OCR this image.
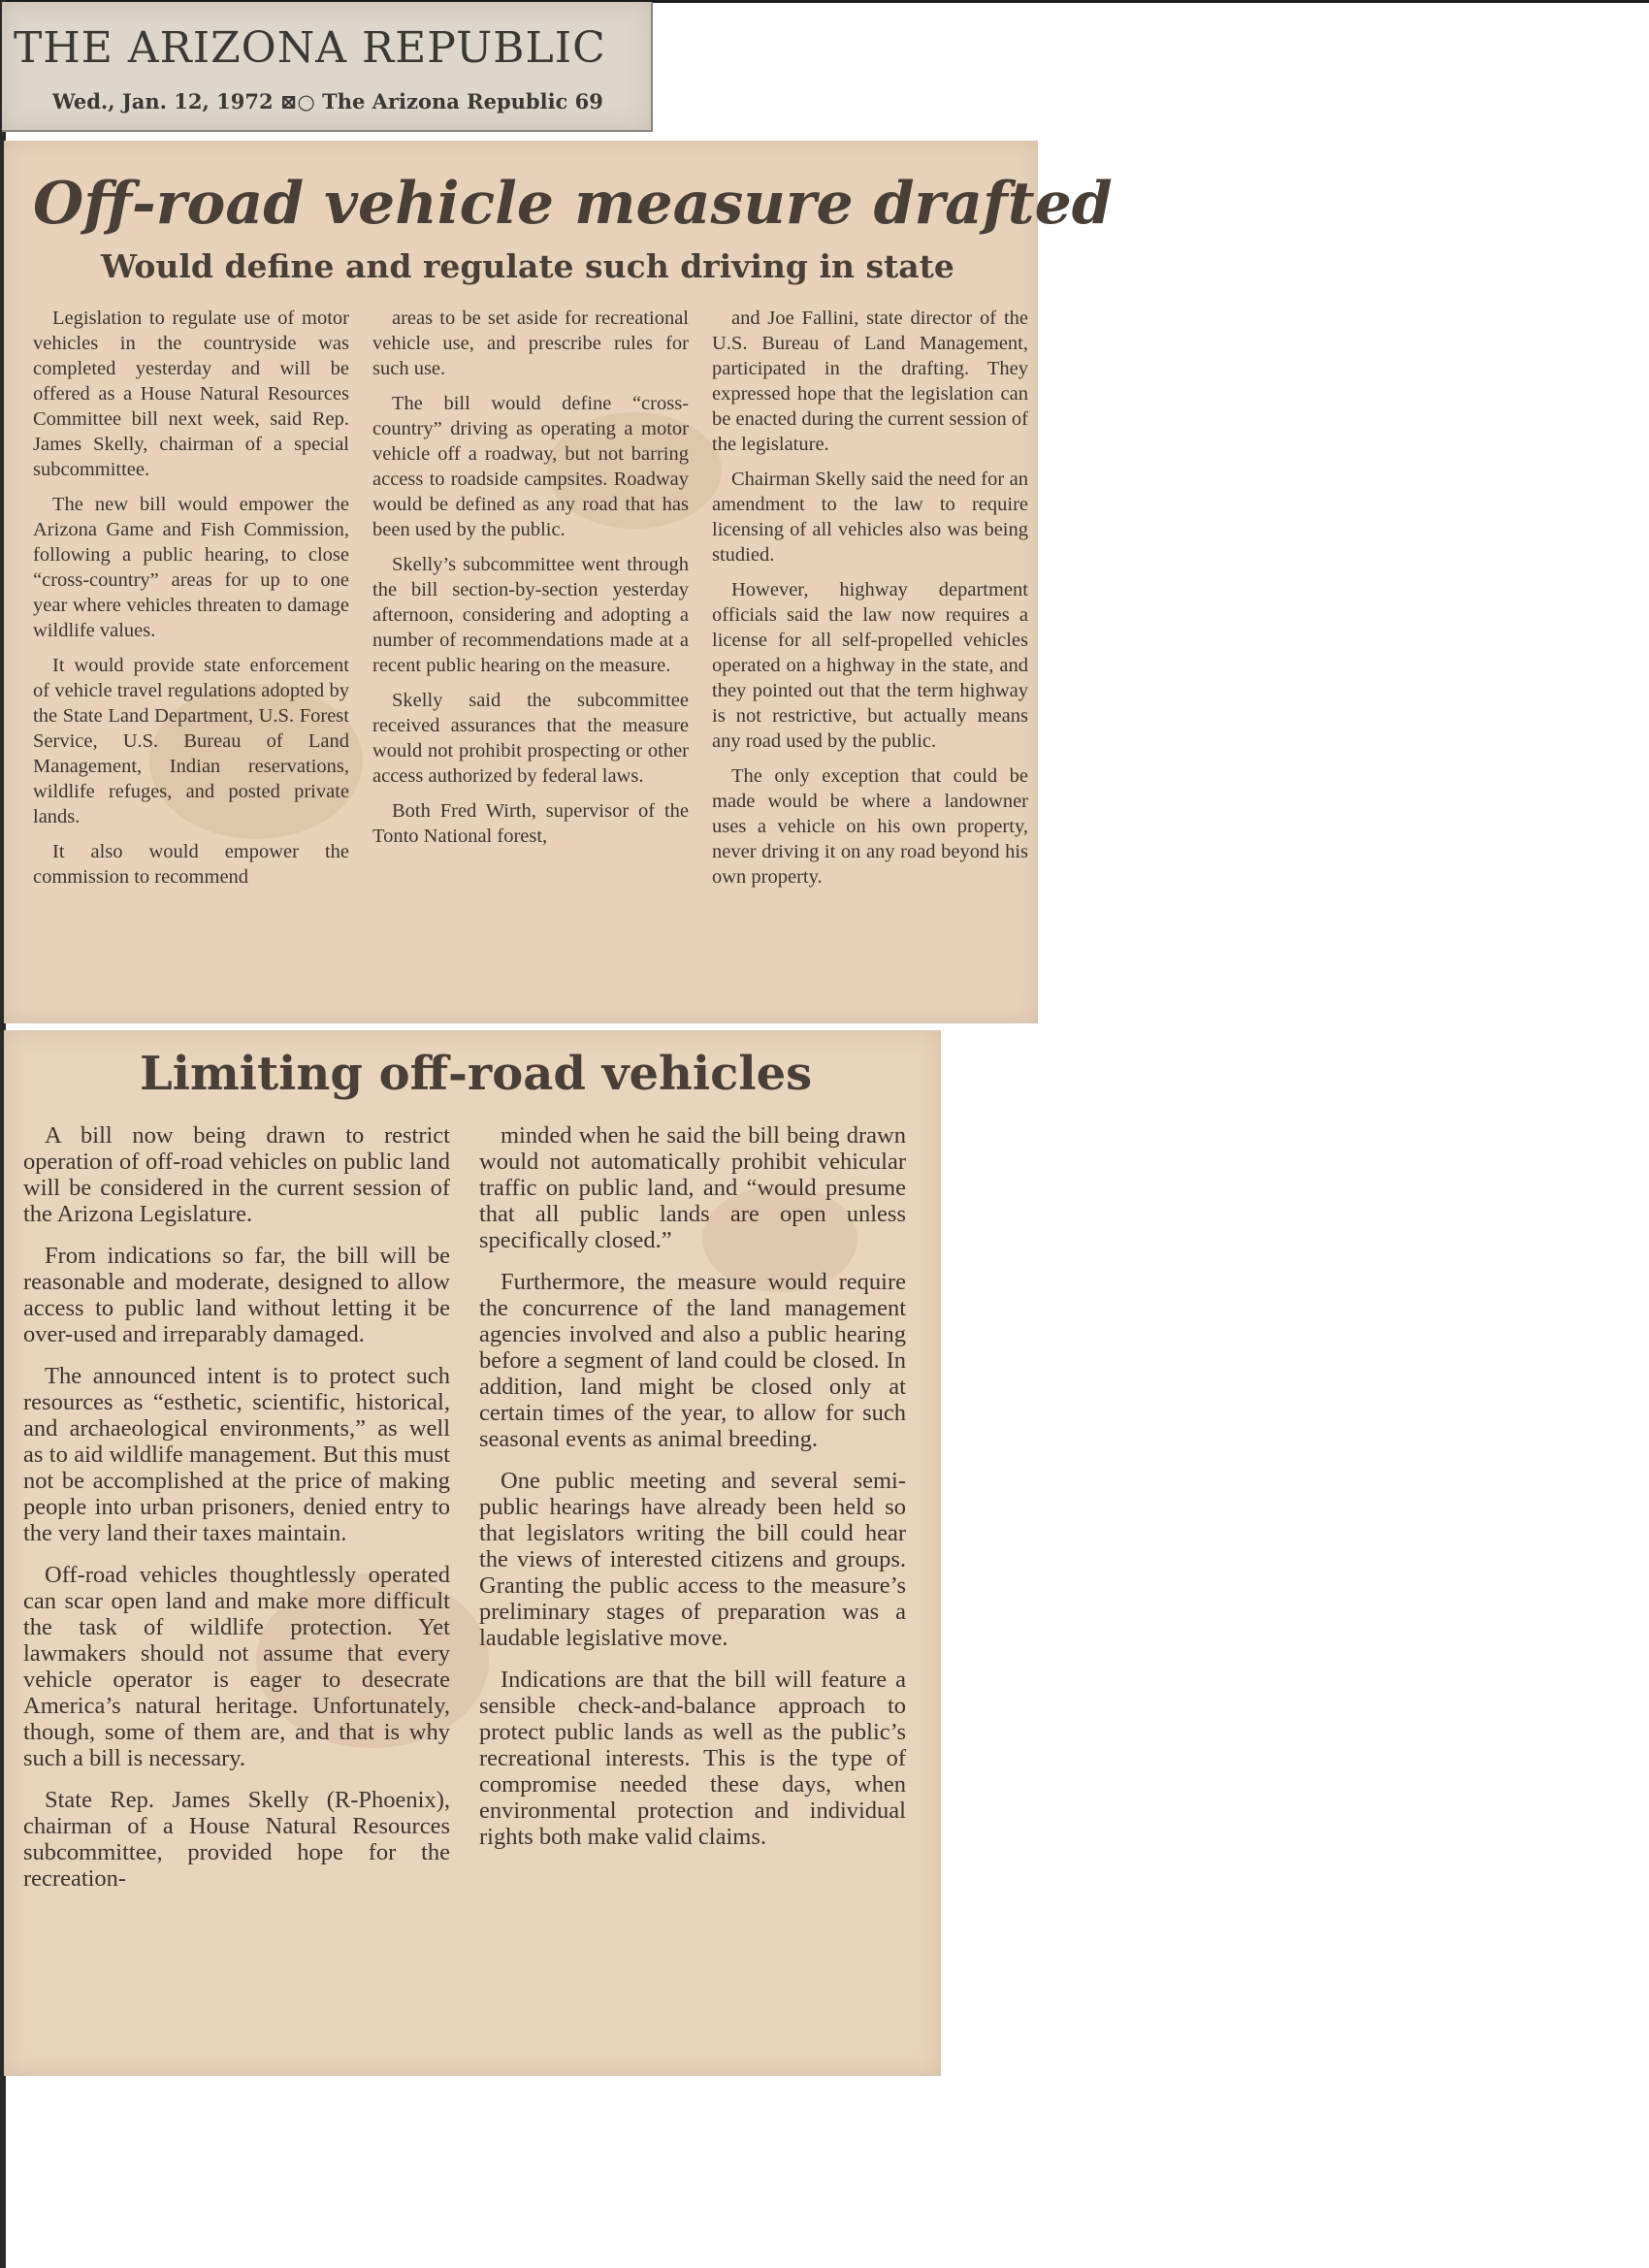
THE ARIZONA REPUBLIC
Wed., Jan. 12, 1972 ⊠○ The Arizona Republic 69
Off-road vehicle measure drafted
Would define and regulate such driving in state

Legislation to regulate use of motor vehicles in the countryside was completed yesterday and will be offered as a House Natural Resources Committee bill next week, said Rep. James Skelly, chairman of a special subcommittee.

The new bill would empower the Arizona Game and Fish Commission, following a public hearing, to close “cross-country” areas for up to one year where vehicles threaten to damage wildlife values.

It would provide state enforcement of vehicle travel regulations adopted by the State Land Department, U.S. Forest Service, U.S. Bureau of Land Management, Indian reservations, wildlife refuges, and posted private lands.

It also would empower the commission to recommend

areas to be set aside for recreational vehicle use, and prescribe rules for such use.

The bill would define “cross-country” driving as operating a motor vehicle off a roadway, but not barring access to roadside campsites. Roadway would be defined as any road that has been used by the public.

Skelly’s subcommittee went through the bill section-by-section yesterday afternoon, considering and adopting a number of recommendations made at a recent public hearing on the measure.

Skelly said the subcommittee received assurances that the measure would not prohibit prospecting or other access authorized by federal laws.

Both Fred Wirth, supervisor of the Tonto National forest,

and Joe Fallini, state director of the U.S. Bureau of Land Management, participated in the drafting. They expressed hope that the legislation can be enacted during the current session of the legislature.

Chairman Skelly said the need for an amendment to the law to require licensing of all vehicles also was being studied.

However, highway department officials said the law now requires a license for all self-propelled vehicles operated on a highway in the state, and they pointed out that the term highway is not restrictive, but actually means any road used by the public.

The only exception that could be made would be where a landowner uses a vehicle on his own property, never driving it on any road beyond his own property.

Limiting off-road vehicles

A bill now being drawn to restrict operation of off-road vehicles on public land will be considered in the current session of the Arizona Legislature.

From indications so far, the bill will be reasonable and moderate, designed to allow access to public land without letting it be over-used and irreparably damaged.

The announced intent is to protect such resources as “esthetic, scientific, historical, and archaeological environments,” as well as to aid wildlife management. But this must not be accomplished at the price of making people into urban prisoners, denied entry to the very land their taxes maintain.

Off-road vehicles thoughtlessly operated can scar open land and make more difficult the task of wildlife protection. Yet lawmakers should not assume that every vehicle operator is eager to desecrate America’s natural heritage. Unfortunately, though, some of them are, and that is why such a bill is necessary.

State Rep. James Skelly (R-Phoenix), chairman of a House Natural Resources subcommittee, provided hope for the recreation-

minded when he said the bill being drawn would not automatically prohibit vehicular traffic on public land, and “would presume that all public lands are open unless specifically closed.”

Furthermore, the measure would require the concurrence of the land management agencies involved and also a public hearing before a segment of land could be closed. In addition, land might be closed only at certain times of the year, to allow for such seasonal events as animal breeding.

One public meeting and several semi-public hearings have already been held so that legislators writing the bill could hear the views of interested citizens and groups. Granting the public access to the measure’s preliminary stages of preparation was a laudable legislative move.

Indications are that the bill will feature a sensible check-and-balance approach to protect public lands as well as the public’s recreational interests. This is the type of compromise needed these days, when environmental protection and individual rights both make valid claims.
